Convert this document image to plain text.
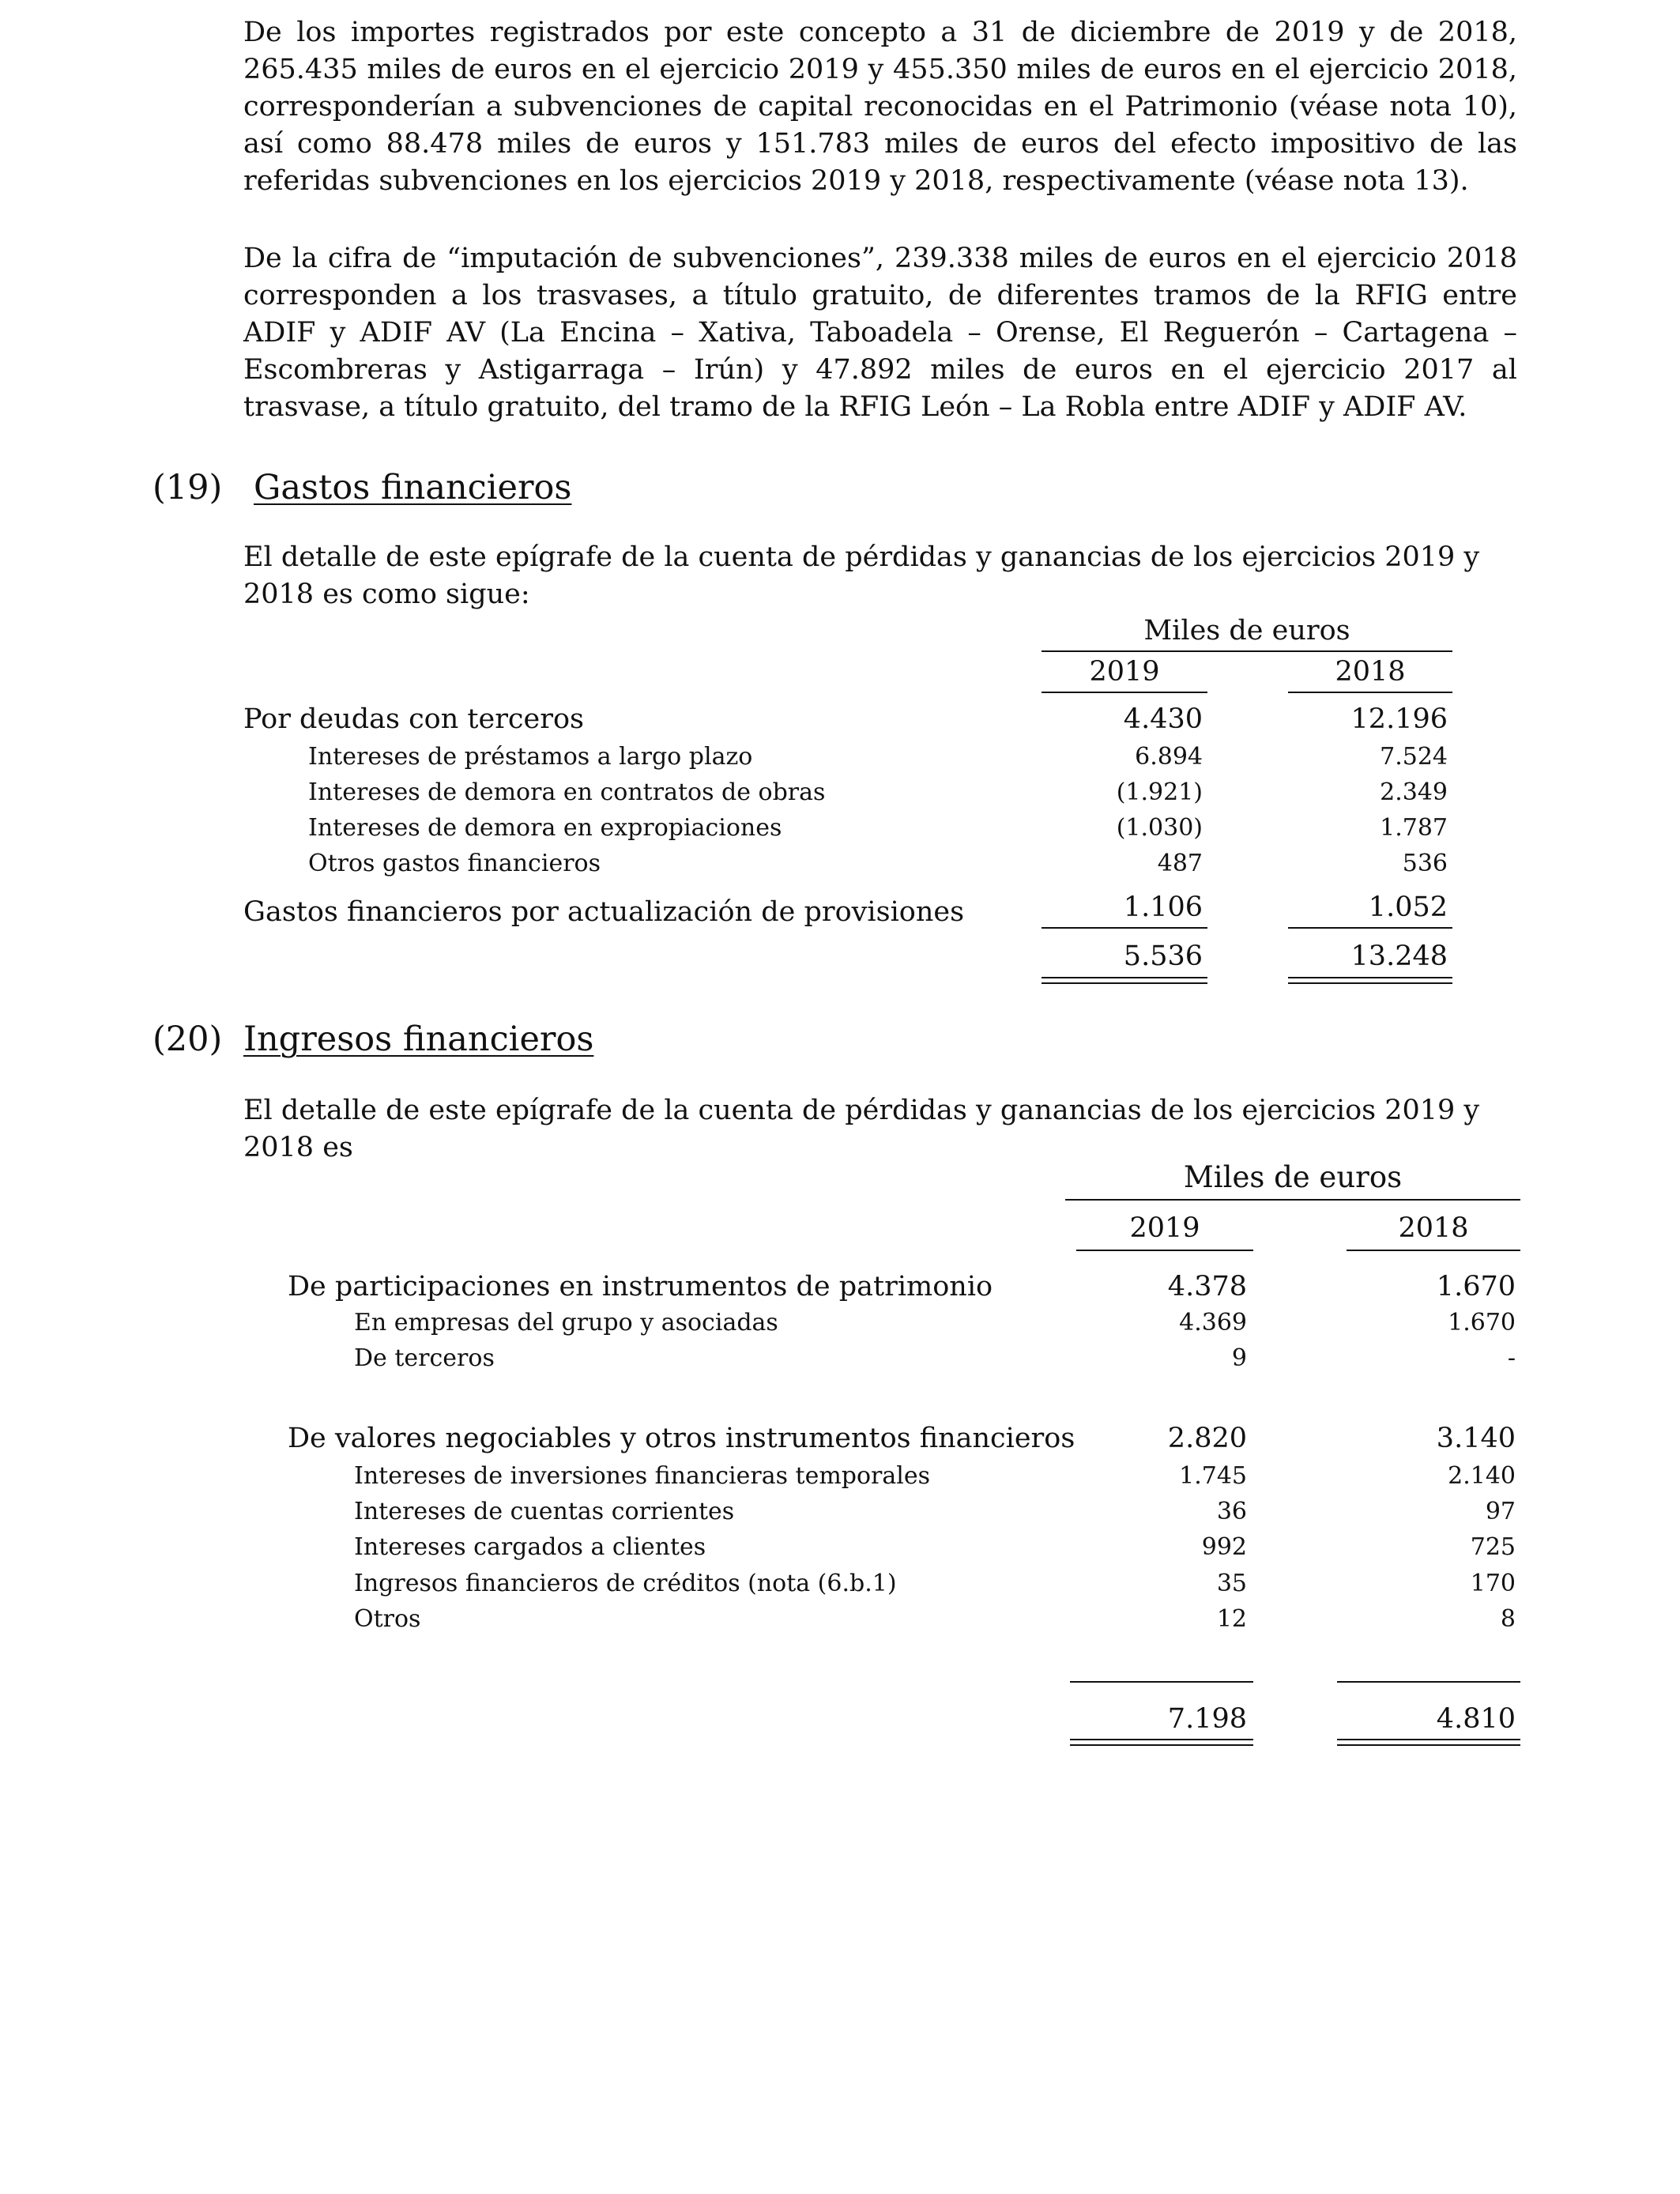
De los importes registrados por este concepto a 31 de diciembre de 2019 y de 2018, 265.435 miles de euros en el ejercicio 2019 y 455.350 miles de euros en el ejercicio 2018, corresponderían a subvenciones de capital reconocidas en el Patrimonio (véase nota 10), así como 88.478 miles de euros y 151.783 miles de euros del efecto impositivo de las referidas subvenciones en los ejercicios 2019 y 2018, respectivamente (véase nota 13).

De la cifra de “imputación de subvenciones”, 239.338 miles de euros en el ejercicio 2018 corresponden a los trasvases, a título gratuito, de diferentes tramos de la RFIG entre ADIF y ADIF AV (La Encina – Xativa, Taboadela – Orense, El Reguerón – Cartagena – Escombreras y Astigarraga – Irún) y 47.892 miles de euros en el ejercicio 2017 al trasvase, a título gratuito, del tramo de la RFIG León – La Robla entre ADIF y ADIF AV.

(19) Gastos financieros

El detalle de este epígrafe de la cuenta de pérdidas y ganancias de los ejercicios 2019 y 2018 es como sigue:

Miles de euros
2019	2018
Por deudas con terceros	4.430	12.196
Intereses de préstamos a largo plazo	6.894	7.524
Intereses de demora en contratos de obras	(1.921)	2.349
Intereses de demora en expropiaciones	(1.030)	1.787
Otros gastos financieros	487	536
Gastos financieros por actualización de provisiones	1.106	1.052
5.536	13.248
(20) Ingresos financieros

El detalle de este epígrafe de la cuenta de pérdidas y ganancias de los ejercicios 2019 y 2018 es

Miles de euros
2019	2018
De participaciones en instrumentos de patrimonio	4.378	1.670
En empresas del grupo y asociadas	4.369	1.670
De terceros	9	-
De valores negociables y otros instrumentos financieros	2.820	3.140
Intereses de inversiones financieras temporales	1.745	2.140
Intereses de cuentas corrientes	36	97
Intereses cargados a clientes	992	725
Ingresos financieros de créditos (nota (6.b.1)	35	170
Otros	12	8
7.198	4.810
